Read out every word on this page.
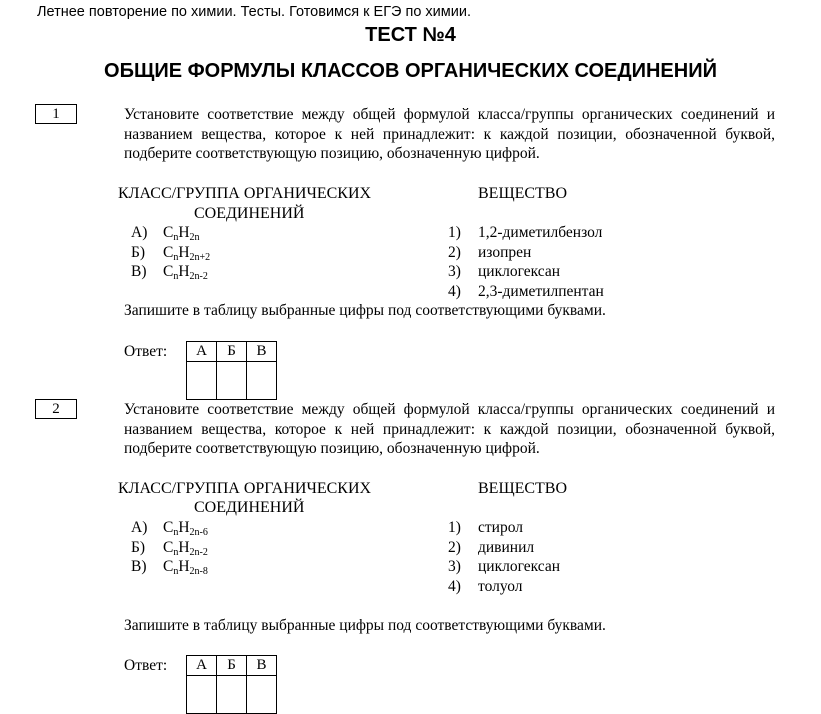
Летнее повторение по химии. Тесты. Готовимся к ЕГЭ по химии.
ТЕСТ №4
ОБЩИЕ ФОРМУЛЫ КЛАССОВ ОРГАНИЧЕСКИХ СОЕДИНЕНИЙ
1	Установите соответствие между общей формулой класса/группы органических соединений и названием вещества, которое к ней принадлежит: к каждой позиции, обозначенной буквой, подберите соответствующую позицию, обозначенную цифрой.
КЛАСС/ГРУППА ОРГАНИЧЕСКИХ
СОЕДИНЕНИЙ
ВЕЩЕСТВО
А) $C_nH_{2n}$
Б) $C_nH_{2n+2}$
В) $C_nH_{2n-2}$
1) 1,2-диметилбензол
2) изопрен
3) циклогексан
4) 2,3-диметилпентан
Запишите в таблицу выбранные цифры под соответствующими буквами.
Ответ: А	Б	В

2	Установите соответствие между общей формулой класса/группы органических соединений и названием вещества, которое к ней принадлежит: к каждой позиции, обозначенной буквой, подберите соответствующую позицию, обозначенную цифрой.
КЛАСС/ГРУППА ОРГАНИЧЕСКИХ
СОЕДИНЕНИЙ
ВЕЩЕСТВО
А) $C_nH_{2n-6}$
Б) $C_nH_{2n-2}$
В) $C_nH_{2n-8}$
1) стирол
2) дивинил
3) циклогексан
4) толуол
Запишите в таблицу выбранные цифры под соответствующими буквами.
Ответ: А	Б	В
